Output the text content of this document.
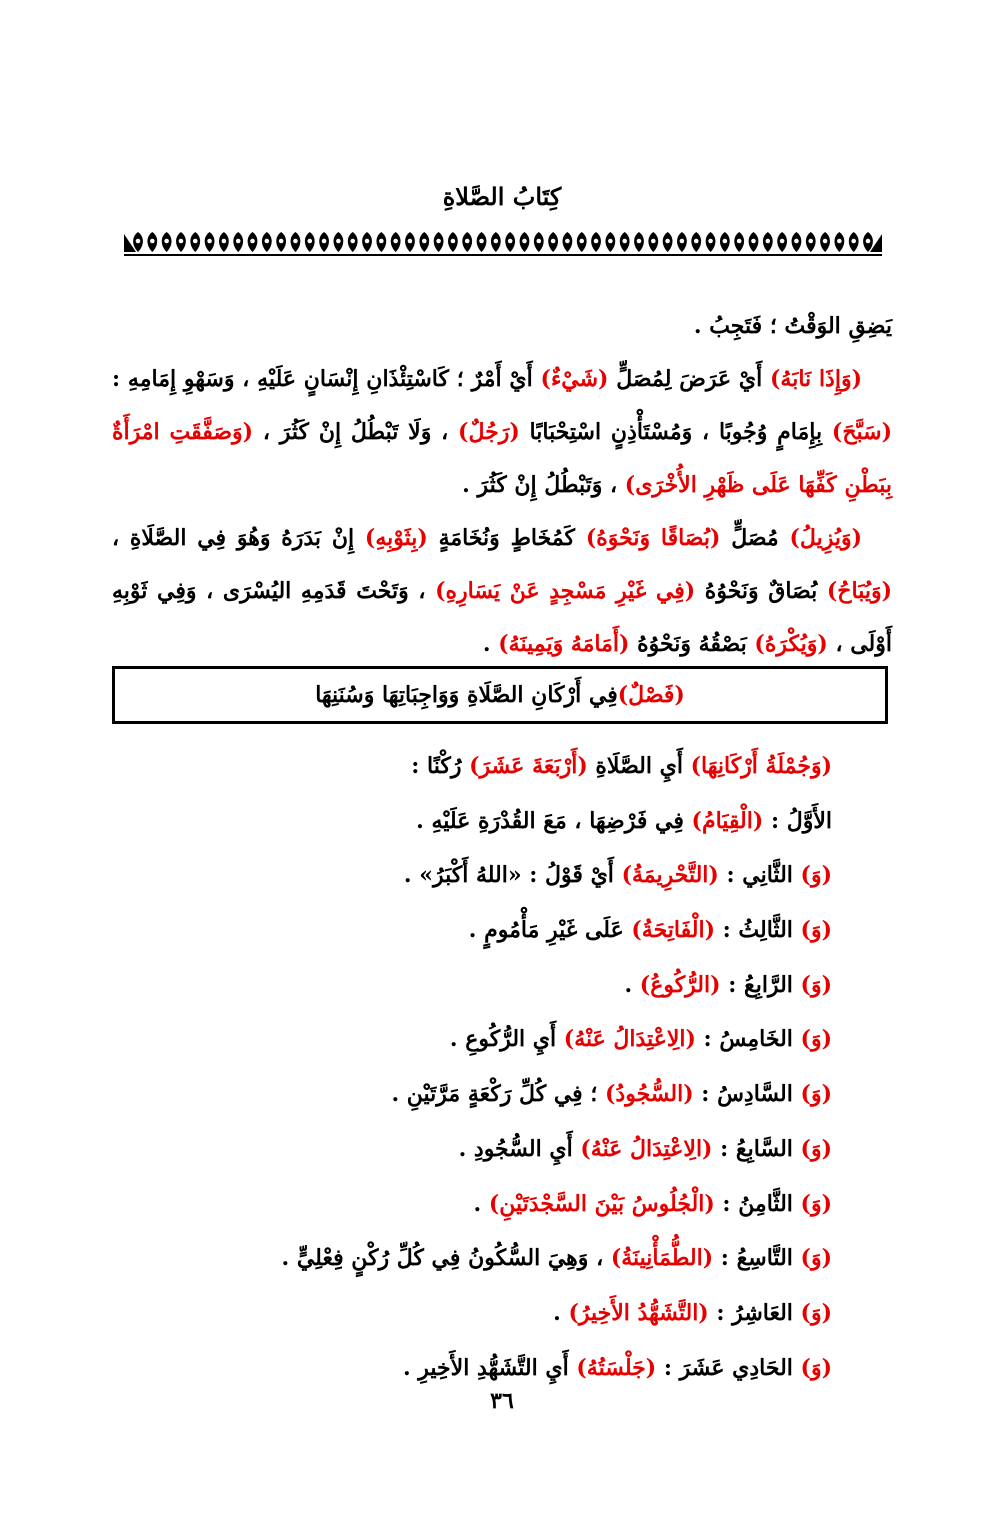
كِتَابُ الصَّلاةِ

يَضِقِ الوَقْتُ ؛ فَتَجِبُ .

(وَإِذَا نَابَهُ) أَيْ عَرَضَ لِمُصَلٍّ (شَيْءٌ) أَيْ أَمْرٌ ؛ كَاسْتِئْذَانِ إِنْسَانٍ عَلَيْهِ ، وَسَهْوِ إِمَامِهِ : (سَبَّحَ) بِإِمَامٍ وُجُوبًا ، وَمُسْتَأْذِنٍ اسْتِحْبَابًا (رَجُلٌ) ، وَلَا تَبْطُلُ إِنْ كَثُرَ ، (وَصَفَّقَتِ امْرَأَةٌ بِبَطْنِ كَفِّهَا عَلَى ظَهْرِ الأُخْرَى) ، وَتَبْطُلُ إِنْ كَثُرَ .

(وَيُزِيلُ) مُصَلٍّ (بُصَاقًا وَنَحْوَهُ) كَمُخَاطٍ وَنُخَامَةٍ (بِثَوْبِهِ) إِنْ بَدَرَهُ وَهُوَ فِي الصَّلَاةِ ، (وَيُبَاحُ) بُصَاقٌ وَنَحْوُهُ (فِي غَيْرِ مَسْجِدٍ عَنْ يَسَارِهِ) ، وَتَحْتَ قَدَمِهِ اليُسْرَى ، وَفِي ثَوْبِهِ أَوْلَى ، (وَيُكْرَهُ) بَصْقُهُ وَنَحْوُهُ (أَمَامَهُ وَيَمِينَهُ) .

(فَصْلٌ)
فِي أَرْكَانِ الصَّلَاةِ وَوَاجِبَاتِهَا وَسُنَنِهَا
(وَجُمْلَةُ أَرْكَانِهَا) أَيِ الصَّلَاةِ (أَرْبَعَةَ عَشَرَ) رُكْنًا :
الأَوَّلُ : (الْقِيَامُ) فِي فَرْضِهَا ، مَعَ القُدْرَةِ عَلَيْهِ .
(وَ) الثَّانِي : (التَّحْرِيمَةُ) أَيْ قَوْلُ : «اللهُ أَكْبَرُ» .
(وَ) الثَّالِثُ : (الْفَاتِحَةُ) عَلَى غَيْرِ مَأْمُومٍ .
(وَ) الرَّابِعُ : (الرُّكُوعُ) .
(وَ) الخَامِسُ : (الِاعْتِدَالُ عَنْهُ) أَيِ الرُّكُوعِ .
(وَ) السَّادِسُ : (السُّجُودُ) ؛ فِي كُلِّ رَكْعَةٍ مَرَّتَيْنِ .
(وَ) السَّابِعُ : (الِاعْتِدَالُ عَنْهُ) أَيِ السُّجُودِ .
(وَ) الثَّامِنُ : (الْجُلُوسُ بَيْنَ السَّجْدَتَيْنِ) .
(وَ) التَّاسِعُ : (الطُّمَأْنِينَةُ) ، وَهِيَ السُّكُونُ فِي كُلِّ رُكْنٍ فِعْلِيٍّ .
(وَ) العَاشِرُ : (التَّشَهُّدُ الأَخِيرُ) .
(وَ) الحَادِي عَشَرَ : (جَلْسَتُهُ) أَيِ التَّشَهُّدِ الأَخِيرِ .
٣٦
